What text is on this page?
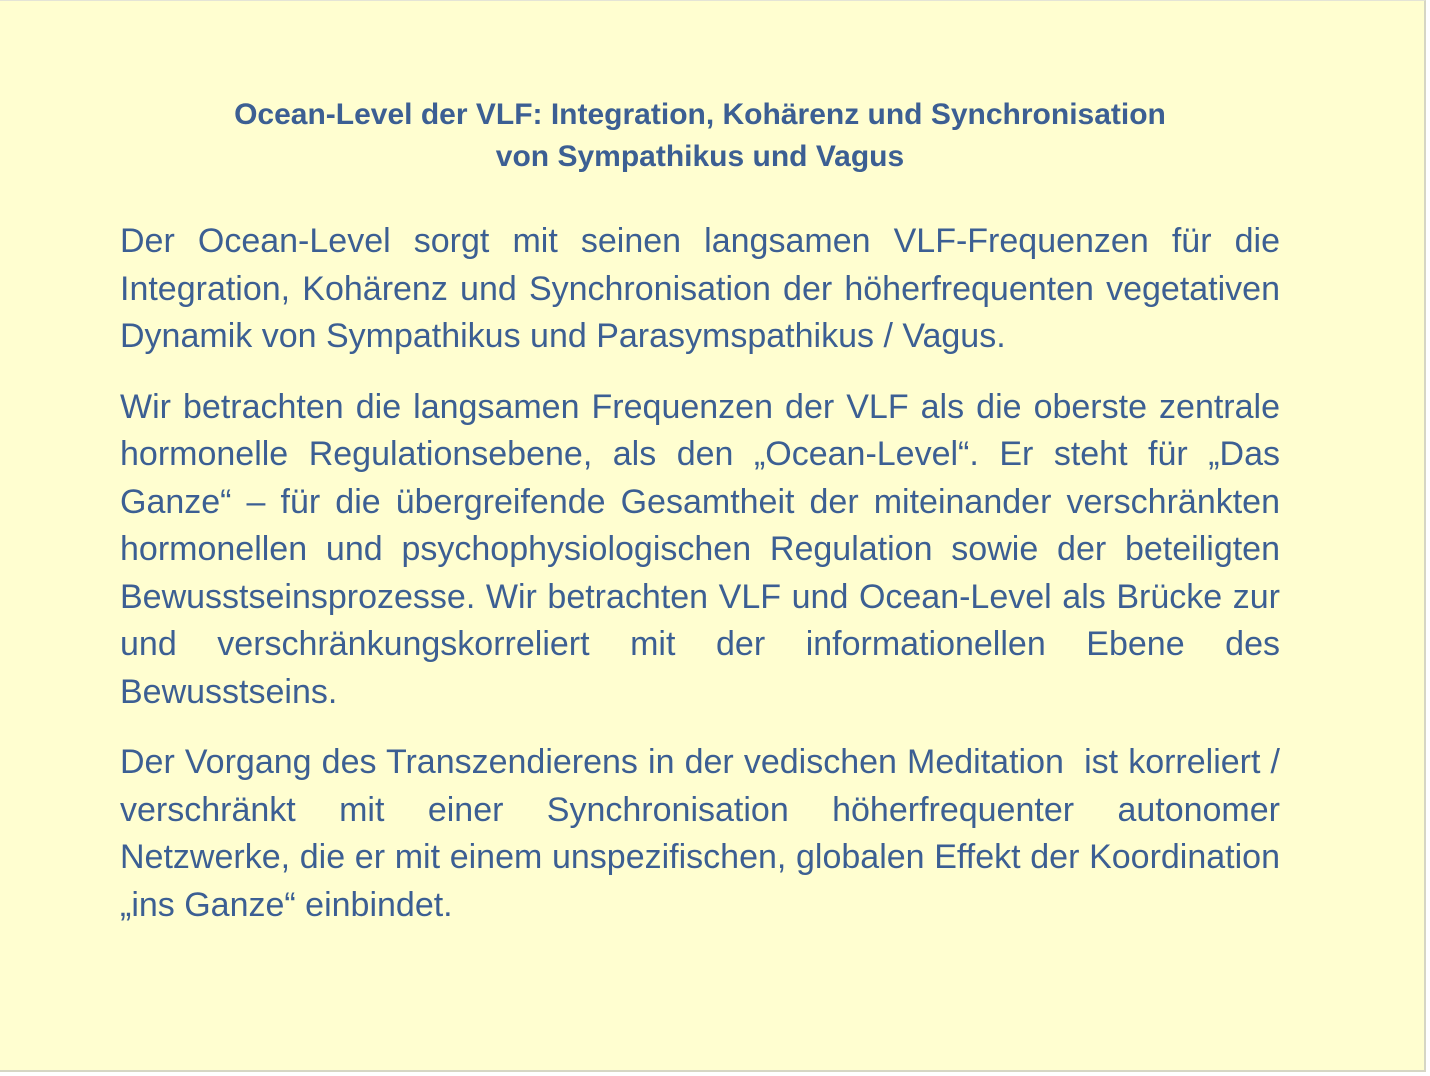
Ocean-Level der VLF: Integration, Kohärenz und Synchronisation
von Sympathikus und Vagus

Der Ocean-Level sorgt mit seinen langsamen VLF-Frequenzen für die Integration, Kohärenz und Synchronisation der höherfrequenten vegetativen Dynamik von Sympathikus und Parasymspathikus / Vagus.

Wir betrachten die langsamen Frequenzen der VLF als die oberste zentrale hormonelle Regulationsebene, als den „Ocean-Level“. Er steht für „Das Ganze“ – für die übergreifende Gesamtheit der miteinander verschränkten hormonellen und psychophysiologischen Regulation sowie der beteiligten Bewusstseinsprozesse. Wir betrachten VLF und Ocean-Level als Brücke zur und verschränkungskorreliert mit der informationellen Ebene des Bewusstseins.

Der Vorgang des Transzendierens in der vedischen Meditation  ist korreliert / verschränkt mit einer Synchronisation höherfrequenter autonomer Netzwerke, die er mit einem unspezifischen, globalen Effekt der Koordination „ins Ganze“ einbindet.
